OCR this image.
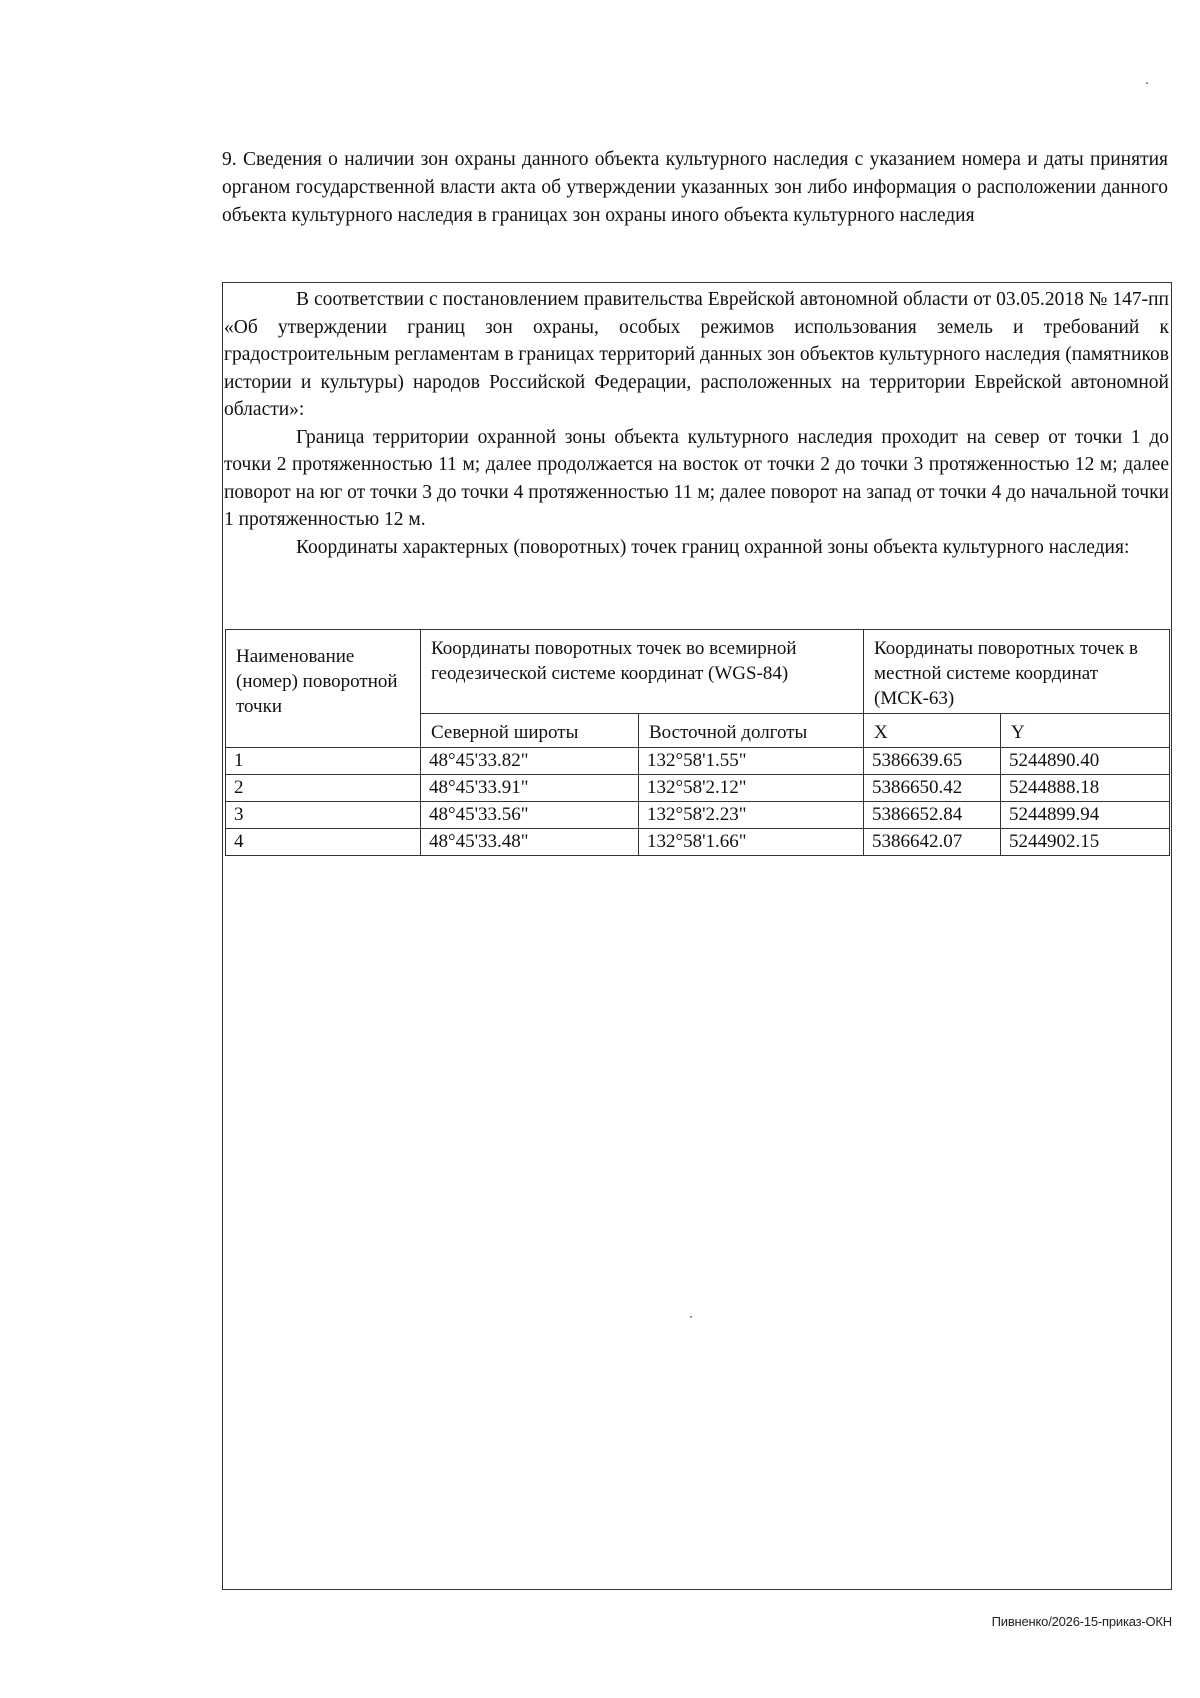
9. Сведения о наличии зон охраны данного объекта культурного наследия с указанием номера и даты принятия органом государственной власти акта об утверждении указанных зон либо информация о расположении данного объекта культурного наследия в границах зон охраны иного объекта культурного наследия

В соответствии с постановлением правительства Еврейской автономной области от 03.05.2018 № 147-пп «Об утверждении границ зон охраны, особых режимов использования земель и требований к градостроительным регламентам в границах территорий данных зон объектов культурного наследия (памятников истории и культуры) народов Российской Федерации, расположенных на территории Еврейской автономной области»:

Граница территории охранной зоны объекта культурного наследия проходит на север от точки 1 до точки 2 протяженностью 11 м; далее продолжается на восток от точки 2 до точки 3 протяженностью 12 м; далее поворот на юг от точки 3 до точки 4 протяженностью 11 м; далее поворот на запад от точки 4 до начальной точки 1 протяженностью 12 м.

Координаты характерных (поворотных) точек границ охранной зоны объекта культурного наследия:

Наименование (номер) поворотной точки	Координаты поворотных точек во всемирной геодезической системе координат (WGS-84)		Координаты поворотных точек в местной системе координат (МСК-63)	
	Северной широты	Восточной долготы	X	Y
1	48°45'33.82"	132°58'1.55"	5386639.65	5244890.40
2	48°45'33.91"	132°58'2.12"	5386650.42	5244888.18
3	48°45'33.56"	132°58'2.23"	5386652.84	5244899.94
4	48°45'33.48"	132°58'1.66"	5386642.07	5244902.15
Пивненко/2026-15-приказ-ОКН
